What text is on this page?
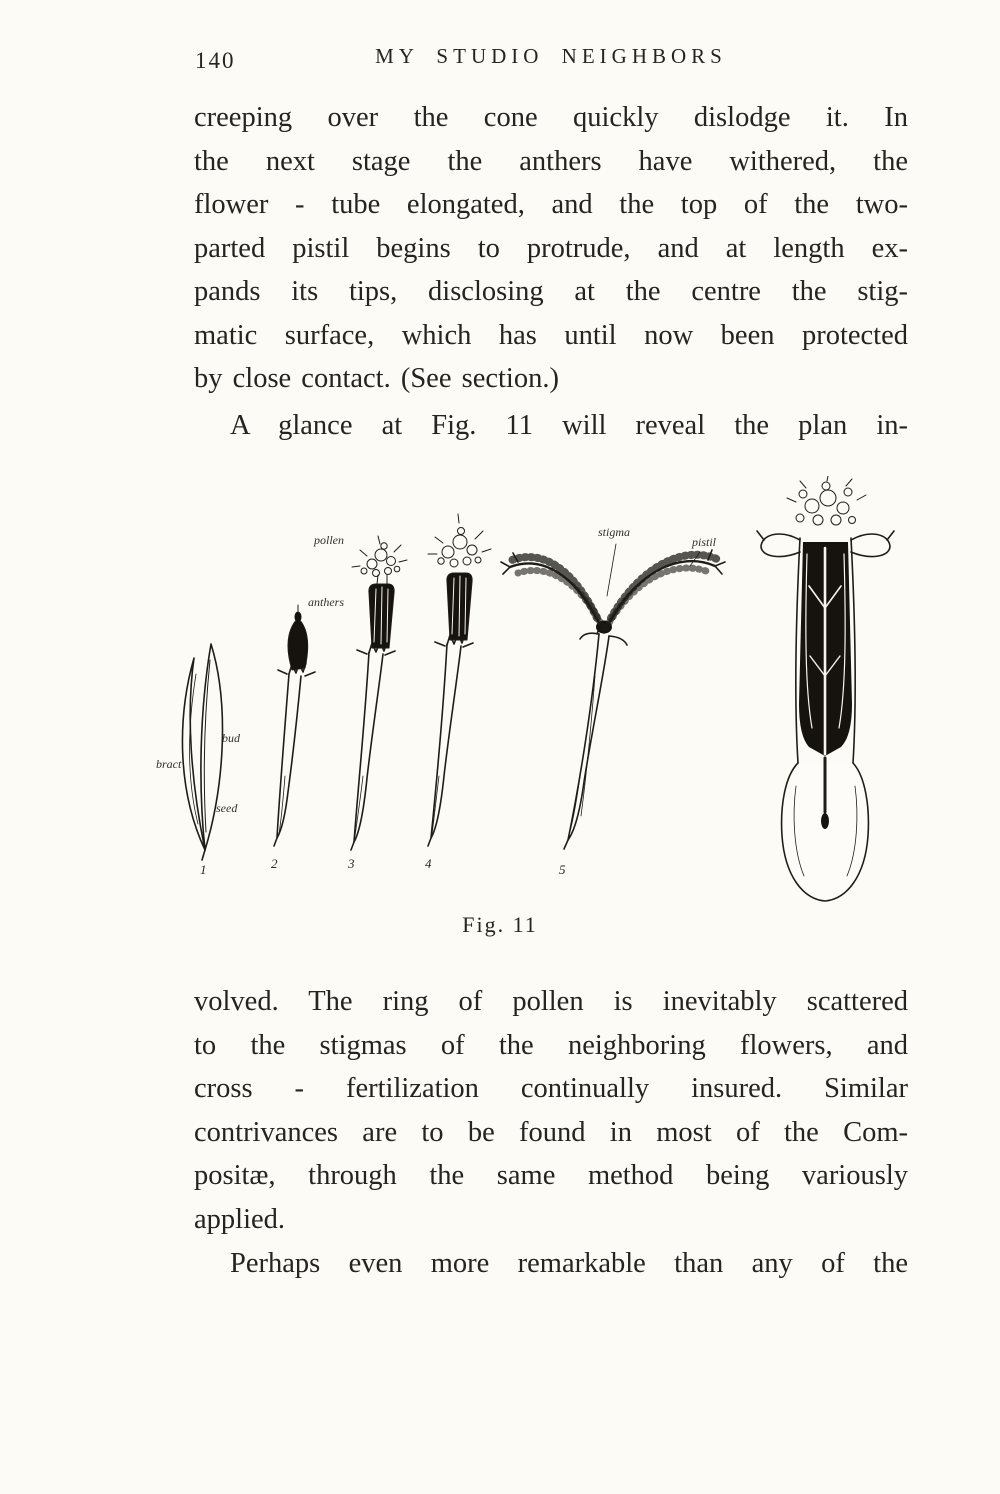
140	MY STUDIO NEIGHBORS
creeping over the cone quickly dislodge it. In
the next stage the anthers have withered, the
flower - tube elongated, and the top of the two-
parted pistil begins to protrude, and at length ex-
pands its tips, disclosing at the centre the stig-
matic surface, which has until now been protected
by close contact. (See section.)
A glance at Fig. 11 will reveal the plan in-
bract
bud
seed
pollen
anthers
stigma
pistil
1	2	3	4	5
Fig. 11
volved. The ring of pollen is inevitably scattered
to the stigmas of the neighboring flowers, and
cross - fertilization continually insured. Similar
contrivances are to be found in most of the Com-
positæ, through the same method being variously
applied.
Perhaps even more remarkable than any of the
